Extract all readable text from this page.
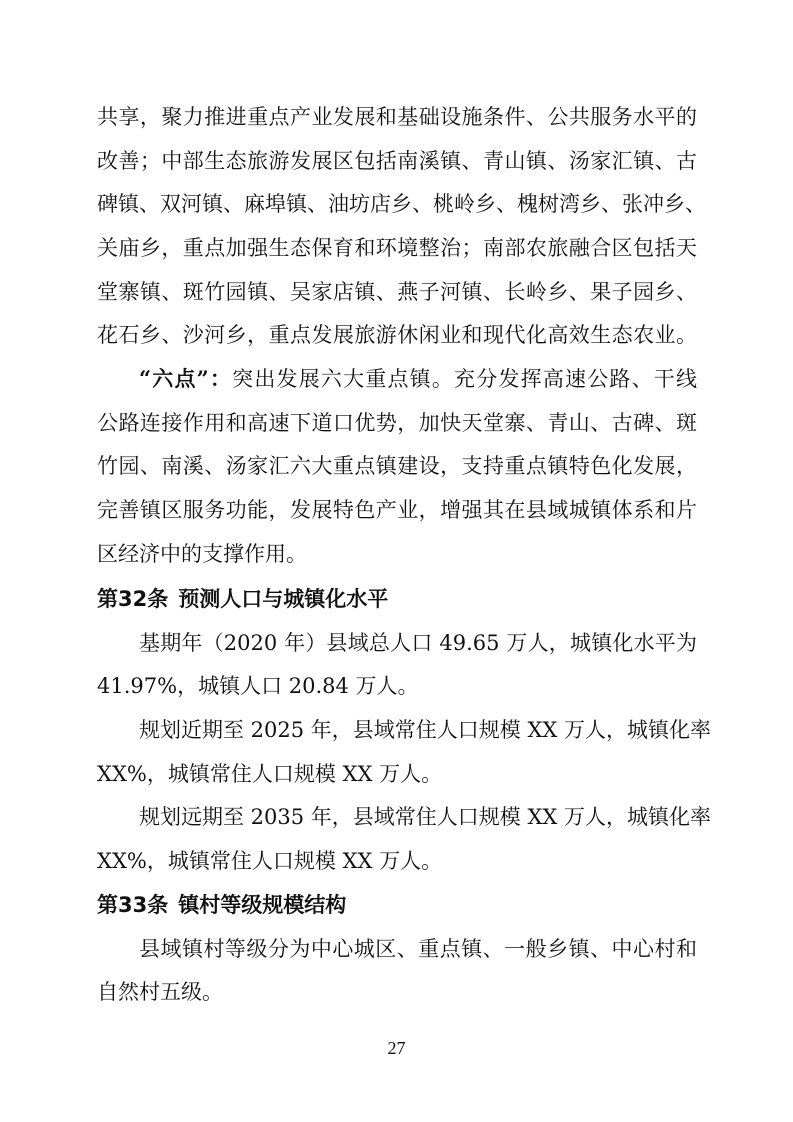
共享，聚力推进重点产业发展和基础设施条件、公共服务水平的
改善；中部生态旅游发展区包括南溪镇、青山镇、汤家汇镇、古
碑镇、双河镇、麻埠镇、油坊店乡、桃岭乡、槐树湾乡、张冲乡、
关庙乡，重点加强生态保育和环境整治；南部农旅融合区包括天
堂寨镇、斑竹园镇、吴家店镇、燕子河镇、长岭乡、果子园乡、
花石乡、沙河乡，重点发展旅游休闲业和现代化高效生态农业。
“六点”：突出发展六大重点镇。充分发挥高速公路、干线
公路连接作用和高速下道口优势，加快天堂寨、青山、古碑、斑
竹园、南溪、汤家汇六大重点镇建设，支持重点镇特色化发展，
完善镇区服务功能，发展特色产业，增强其在县域城镇体系和片
区经济中的支撑作用。
第32条 预测人口与城镇化水平
基期年（2020 年）县域总人口 49.65 万人，城镇化水平为
41.97%，城镇人口 20.84 万人。
规划近期至 2025 年，县域常住人口规模 XX 万人，城镇化率
XX%，城镇常住人口规模 XX 万人。
规划远期至 2035 年，县域常住人口规模 XX 万人，城镇化率
XX%，城镇常住人口规模 XX 万人。
第33条 镇村等级规模结构
县域镇村等级分为中心城区、重点镇、一般乡镇、中心村和
自然村五级。
27
